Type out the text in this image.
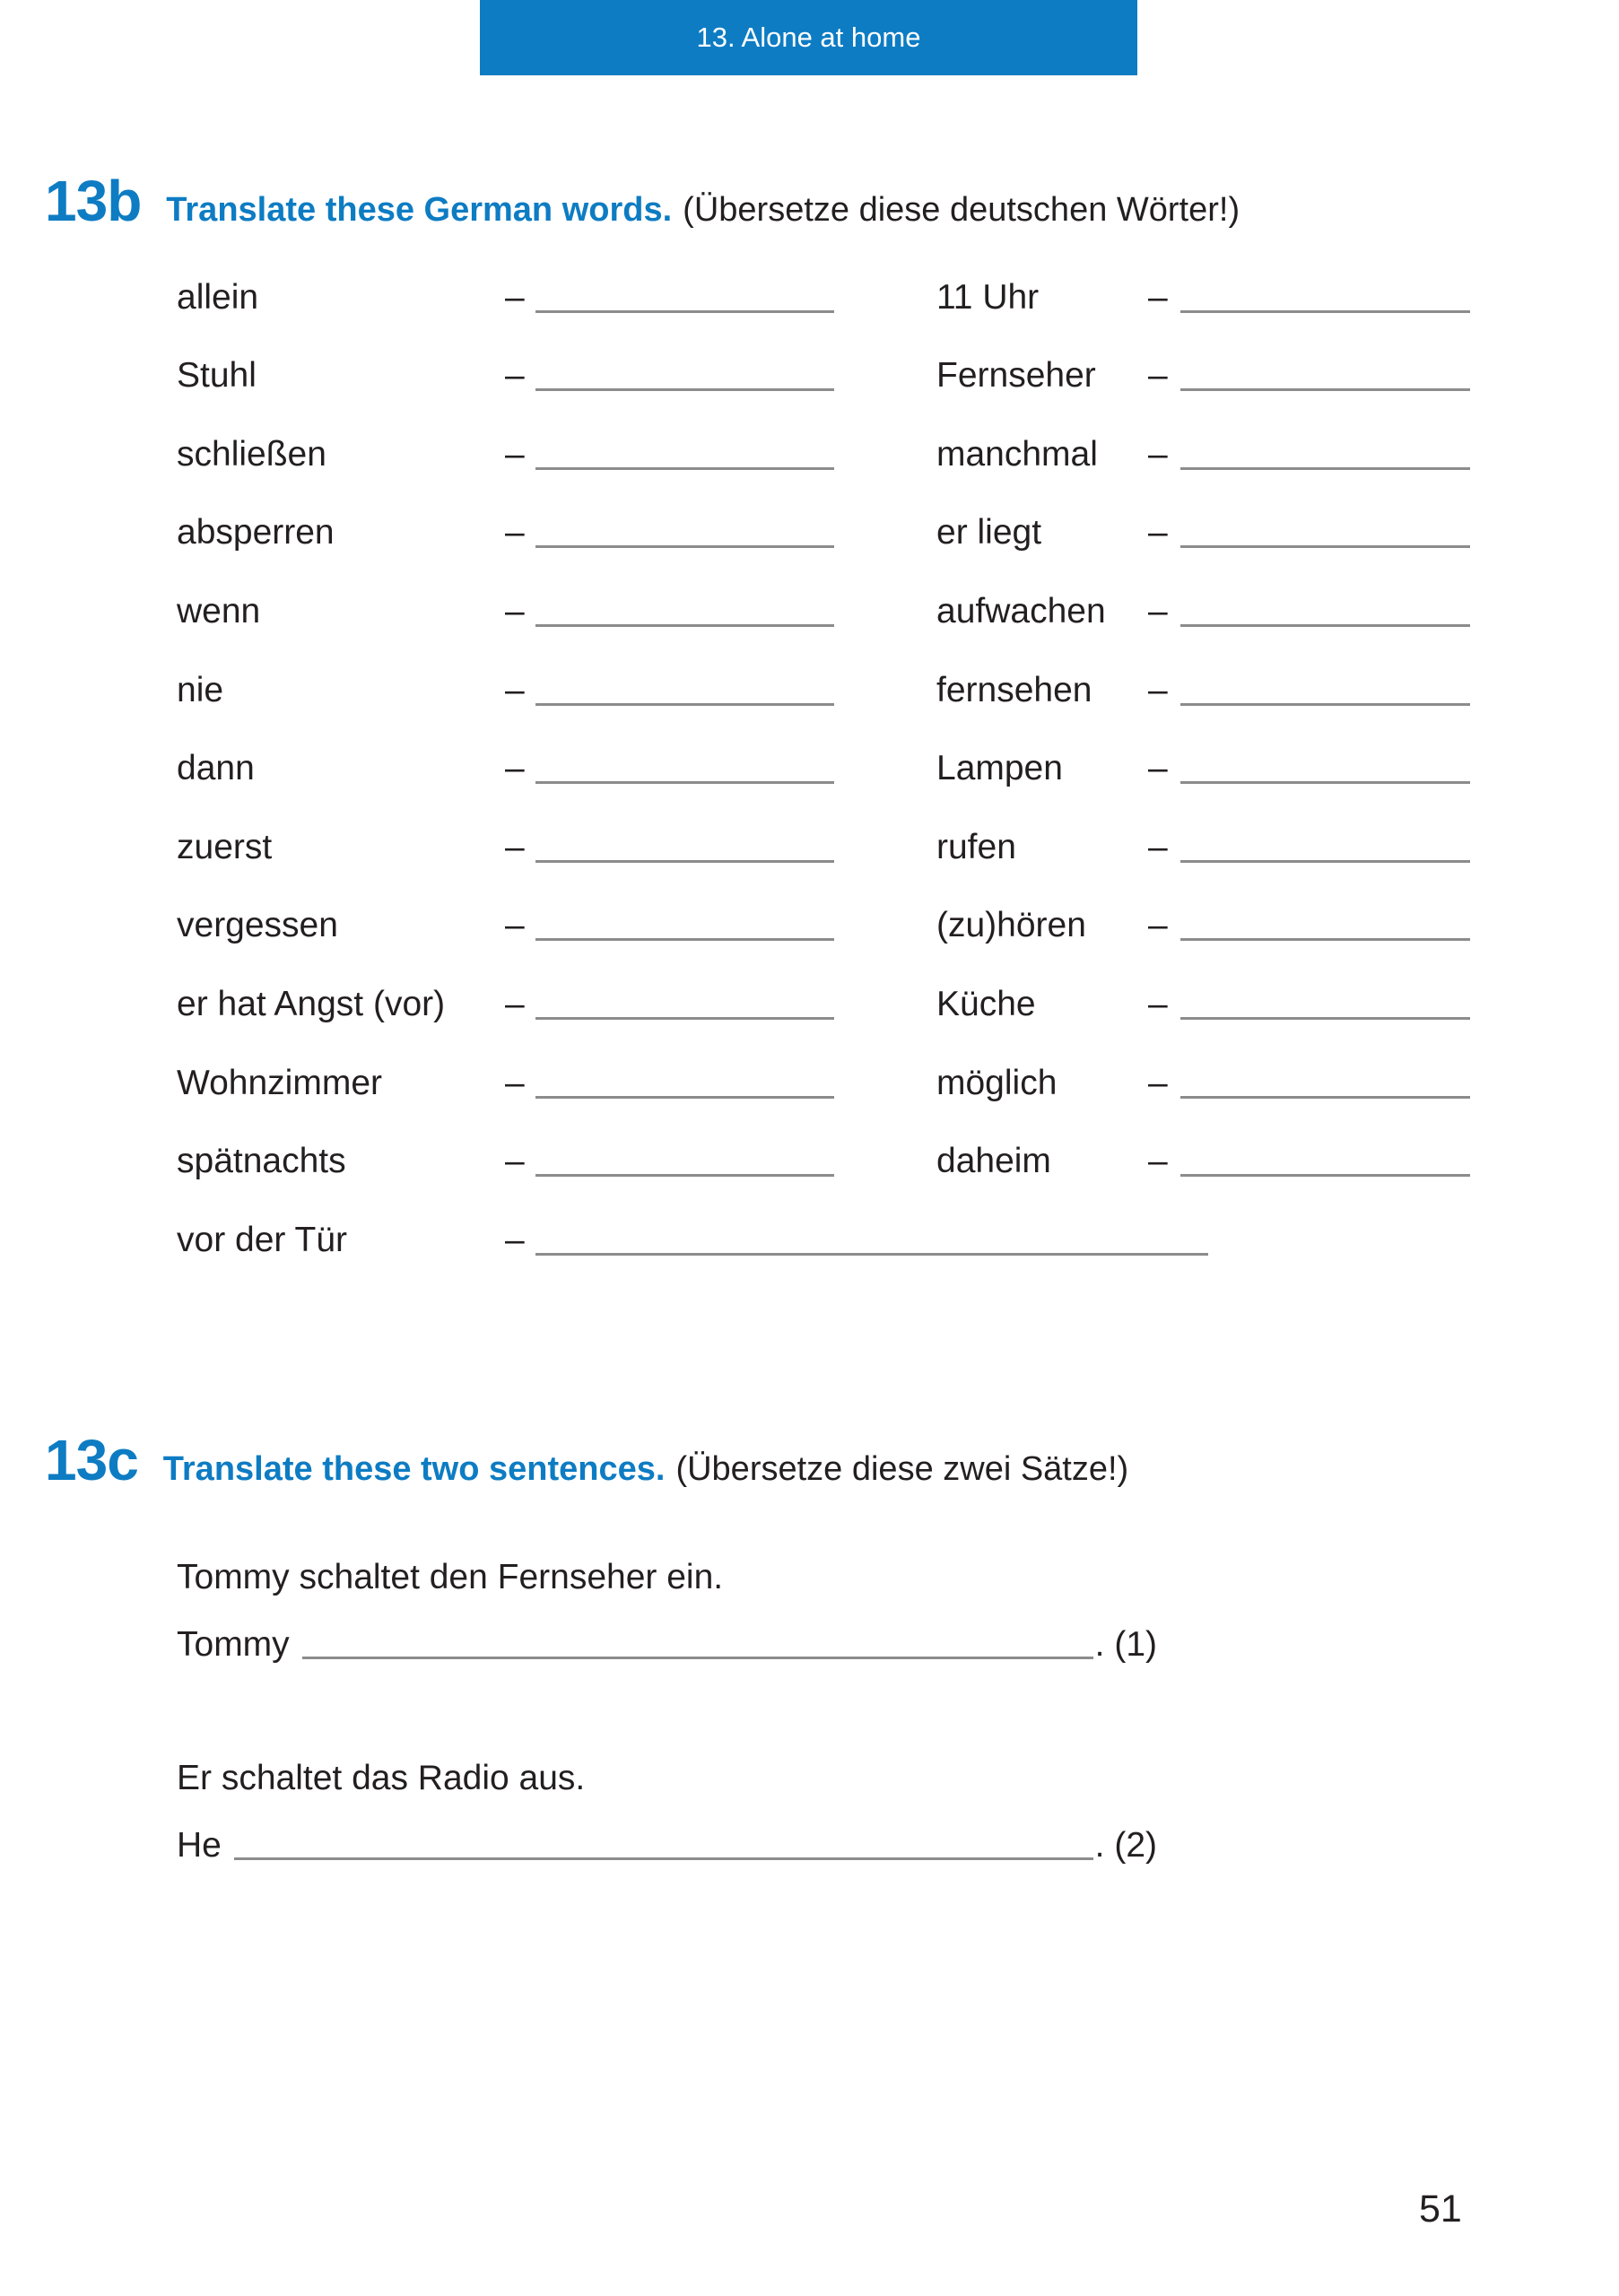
13. Alone at home
13b Translate these German words. (Übersetze diese deutschen Wörter!)
allein	–	11 Uhr	–
Stuhl	–	Fernseher	–
schließen	–	manchmal	–
absperren	–	er liegt	–
wenn	–	aufwachen	–
nie	–	fernsehen	–
dann	–	Lampen	–
zuerst	–	rufen	–
vergessen	–	(zu)hören	–
er hat Angst (vor)	–	Küche	–
Wohnzimmer	–	möglich	–
spätnachts	–	daheim	–
vor der Tür	–
13c Translate these two sentences. (Übersetze diese zwei Sätze!)
Tommy schaltet den Fernseher ein.
Tommy	. (1)
Er schaltet das Radio aus.
He	. (2)
51
